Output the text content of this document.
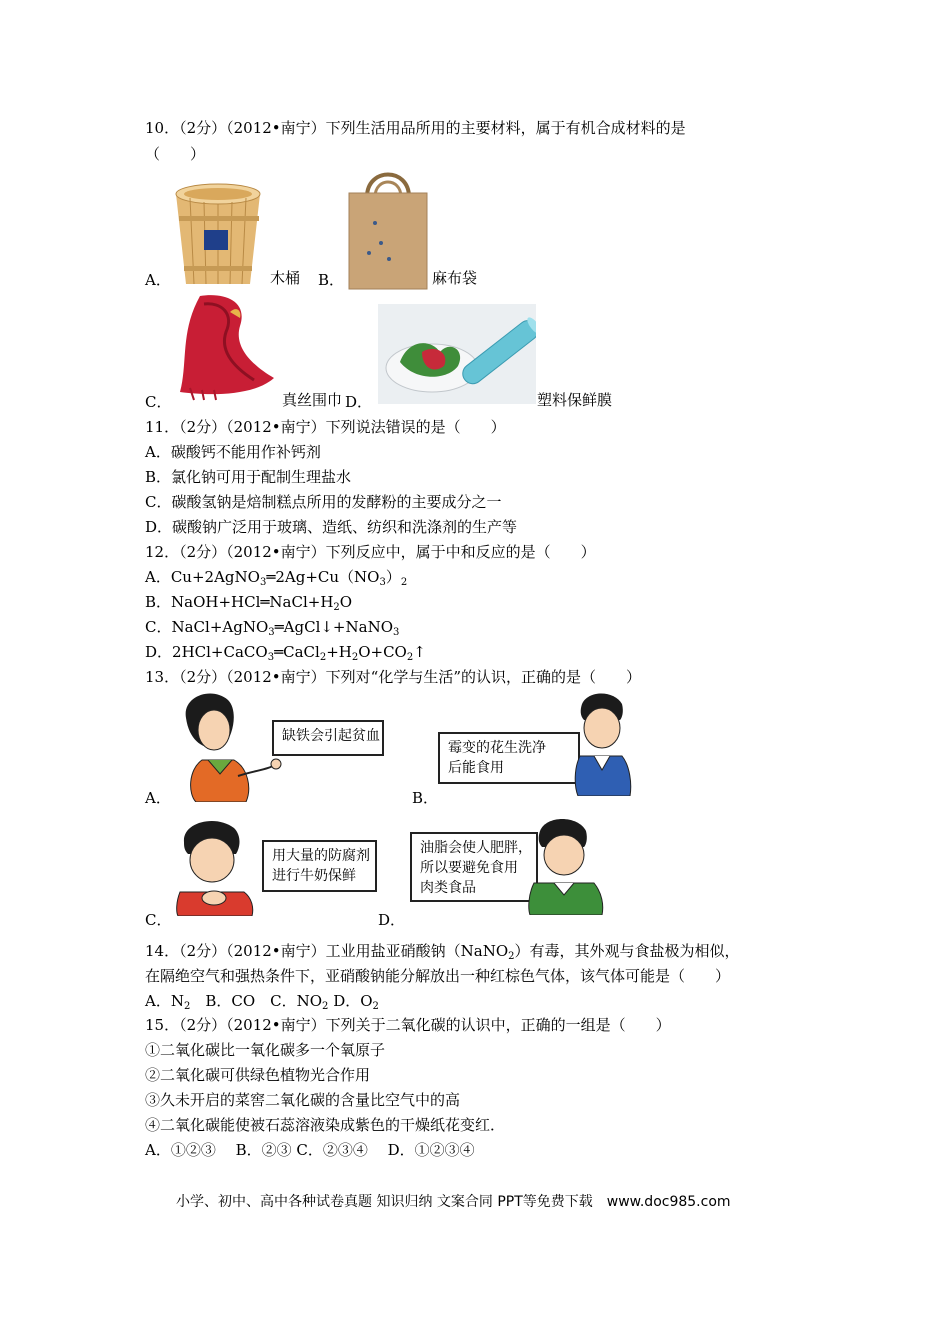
10．（2分）（2012•南宁）下列生活用品所用的主要材料，属于有机合成材料的是
（　　）
A．	木桶 B．	麻布袋
C．	真丝围巾 D．	塑料保鲜膜
11．（2分）（2012•南宁）下列说法错误的是（　　）
A．碳酸钙不能用作补钙剂
B．氯化钠可用于配制生理盐水
C．碳酸氢钠是焙制糕点所用的发酵粉的主要成分之一
D．碳酸钠广泛用于玻璃、造纸、纺织和洗涤剂的生产等
12．（2分）（2012•南宁）下列反应中，属于中和反应的是（　　）
A．$Cu+2AgNO_3═2Ag+Cu(NO_3)_2$
B．$NaOH+HCl═NaCl+H_2O$
C．NaCl+AgNO$_3$═AgCl↓+NaNO$_3$
D．$2HCl+CaCO_3═CaCl_2+H_2O+CO_2↑$
13．（2分）（2012•南宁）下列对“化学与生活”的认识，正确的是（　　）
缺铁会引起贫血
A．
霉变的花生洗净
后能食用
B．
用大量的防腐剂
进行牛奶保鲜
C．
油脂会使人肥胖，
所以要避免食用
肉类食品
D．
14．（2分）（2012•南宁）工业用盐亚硝酸钠（NaNO$_2$）有毒，其外观与食盐极为相似，
在隔绝空气和强热条件下，亚硝酸钠能分解放出一种红棕色气体，该气体可能是（　　）
A．$N_2$　B．CO　C．$NO_2$ D．$O_2$
15．（2分）（2012•南宁）下列关于二氧化碳的认识中，正确的一组是（　　）
①二氧化碳比一氧化碳多一个氧原子
②二氧化碳可供绿色植物光合作用
③久未开启的菜窖二氧化碳的含量比空气中的高
④二氧化碳能使被石蕊溶液染成紫色的干燥纸花变红．
A．①②③　 B．②③ C．②③④　 D．①②③④
小学、初中、高中各种试卷真题 知识归纳 文案合同 PPT等免费下载　www.doc985.com
